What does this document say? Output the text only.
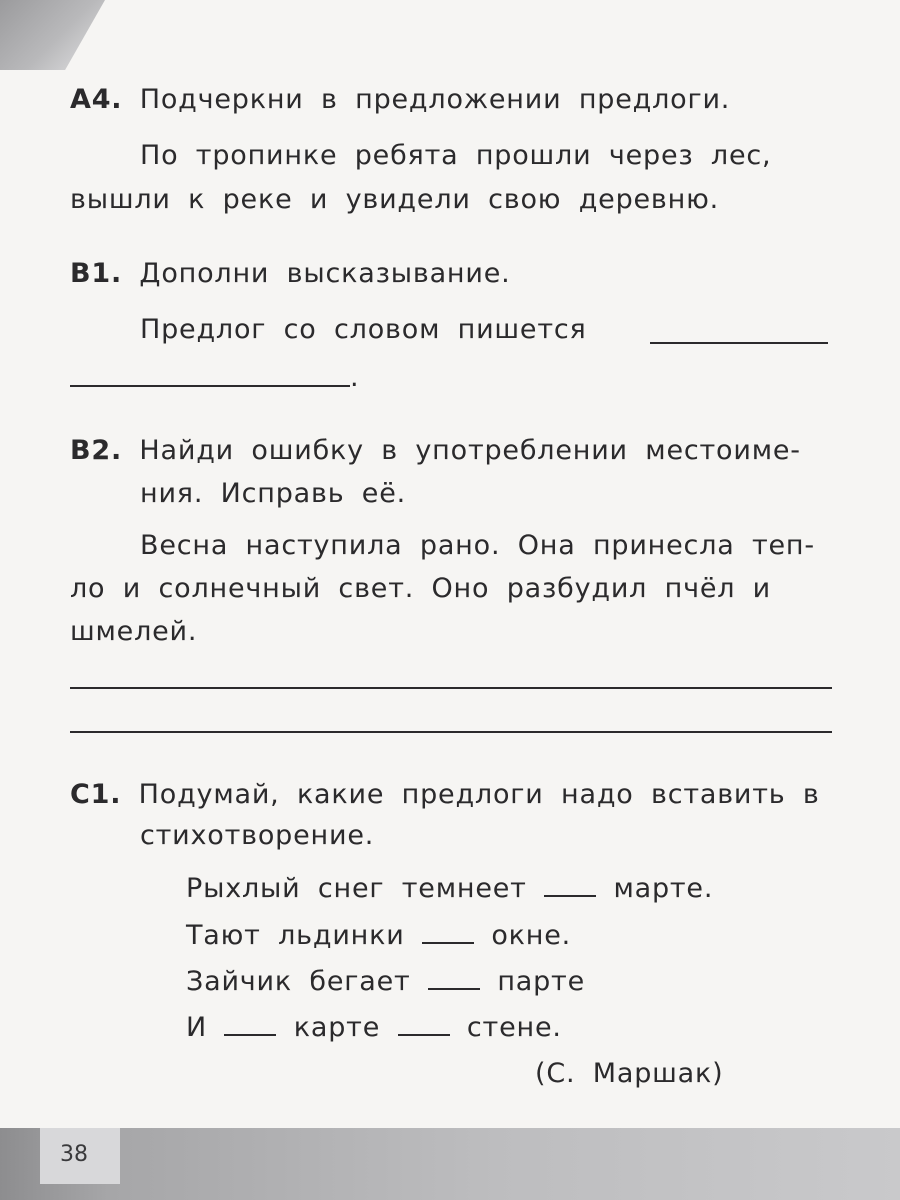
А4. Подчеркни в предложении предлоги.
По тропинке ребята прошли через лес,
вышли к реке и увидели свою деревню.
В1. Дополни высказывание.
Предлог со словом пишется
.
В2. Найди ошибку в употреблении местоиме-
ния. Исправь её.
Весна наступила рано. Она принесла теп-
ло и солнечный свет. Оно разбудил пчёл и
шмелей.
С1. Подумай, какие предлоги надо вставить в
стихотворение.
Рыхлый снег темнеет	марте.
Тают льдинки	окне.
Зайчик бегает	парте
И	карте	стене.
(С. Маршак)
38
